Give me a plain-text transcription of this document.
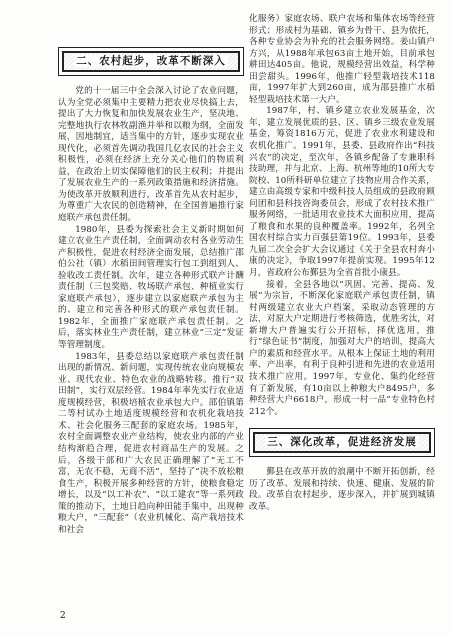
二、农村起步，改革不断深入

党的十一届三中全会深入讨论了农业问题，认为全党必须集中主要精力把农业尽快搞上去，提出了大力恢复和加快发展农业生产，坚决地、完整地执行农林牧副渔并举和以粮为纲，全面发展，因地制宜，适当集中的方针，逐步实现农业现代化，必须首先调动我国几亿农民的社会主义积极性，必须在经济上充分关心他们的物质利益，在政治上切实保障他们的民主权利；并提出了发展农业生产的一系列政策措施和经济措施。为使改革开放顺利进行，改革首先从农村起步，为尊重广大农民的创造精神，在全国普遍推行家庭联产承包责任制。

1980年，县委为探索社会主义新时期如何建立农业生产责任制，全面调动农村各业劳动生产积极性，促进农村经济全面发展，总结推广邵伯公社（镇）水稻田间管理实行包工到组到人、验收改工责任制。次年，建立各种形式联产计酬责任制（三包奖赔、牧场联产承包、种植业实行家庭联产承包），逐步建立以家庭联产承包为主的、建立和完善各种形式的联产承包责任制。1982年，全面推广家庭联产承包责任制。之后，落实林业生产责任制，建立林业“三定”发证等管理制度。

1983年，县委总结以家庭联产承包责任制出现的新情况、新问题，实现传统农业向规模农业、现代农业、特色农业的战略转移。推行“双田制”，实行双层经营。1984年率先实行农业适度规模经营，积极培植农业承包大户。邵伯镇第二等村试办土地适度规模经营和农机化栽培技术、社会化服务三配套的家庭农场。1985年，农村全面调整农业产业结构，使农业内部的产业结构渐趋合理，促进农村商品生产的发展。之后，各级干部和广大农民正确理解了“无工不富，无农不稳，无商不活”，坚持了“决不放松粮食生产，积极开展多种经营的方针，使粮食稳定增长，以及“以工补农”、“以工建农”等一系列政策的推动下，土地日趋向种田能手集中，出现种粮大户，“三配套”（农业机械化、高产栽培技术和社会

化服务）家庭农场、联户农场和集体农场等经营形式；形成村为基础、镇乡为骨干、县为依托，各种专业协会为补充的社会服务网络。姜山镇户方兴，从1988年承包63亩土地开始，目前承包耕田达405亩。他说，规模经营出效益，科学种田尝甜头。1996年，他推广轻型栽培技术118亩，1997年扩大到260亩，成为邵县推广水稻轻型栽培技术第一大户。

1987年，村、镇乡建立农业发展基金，次年，建立发展优质的县、区、镇乡三级农业发展基金，筹资1816万元，促进了农业水利建设和农机化推广。1991年，县委、县政府作出“科技兴农”的决定，至次年，各镇乡配备了专兼职科技助理，并与北京、上海、杭州等地的10所大专院校、10所科研单位建立了技物应用合作关系，建立由高级专家和中级科技人员组成的县政府顾问团和县科技咨询委员会，形成了农村技术推广服务网络，一批适用农业技术大面积应用，提高了粮食和水果的良种覆盖率。1992年，名列全国农村综合实力百强县第19位。1993年，县委九届二次全会扩大会议通过《关于全县农村奔小康的决定》，争取1997年提前实现。1995年12月，省政府公布鄞县为全省首批小康县。

接着，全县各地以“巩固、完善、提高、发展”为宗旨，不断深化家庭联产承包责任制，镇村两级建立农业大户档案，采取动态管理的方法，对原大户定期进行考核筛选，优胜劣汰，对新增大户普遍实行公开招标，择优选用，推行“绿色证书”制度，加强对大户的培训，提高大户的素质和经营水平。从根本上保证土地的利用率、产出率，有利于良种引进和先进的农业适用技术推广应用。1997年，专业化、集约化经营有了新发展，有10亩以上种粮大户8495户，多种经营大户6618户，形成一村一品”专业特色村212个。

三、深化改革，促进经济发展

鄞县在改革开放的浪潮中不断开拓创新，经历了改革、发展和持续、快速、健康、发展的阶段。改革自农村起步，逐步深入，并扩展到城镇改革。

2
